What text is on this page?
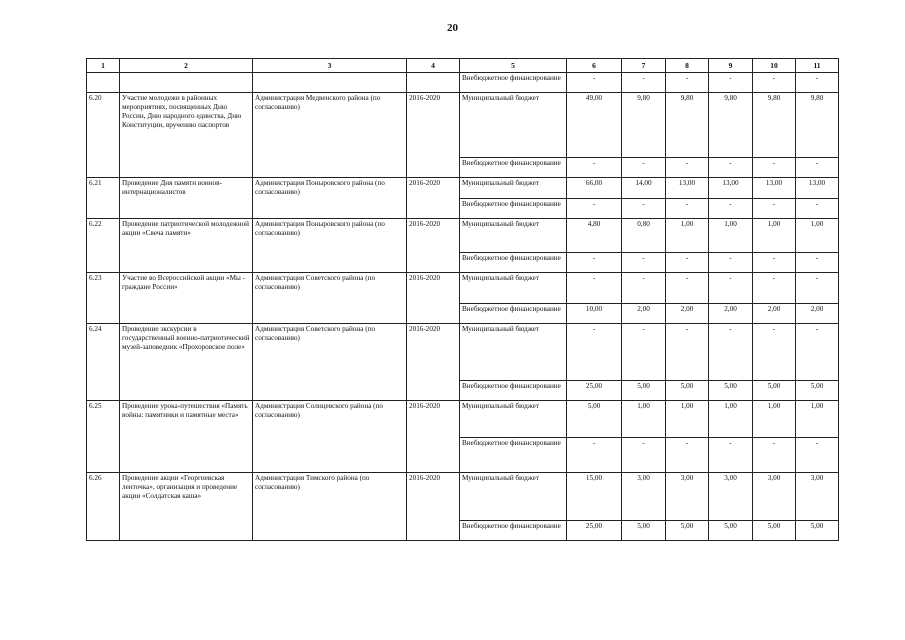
20
1	2	3	4	5	6	7	8	9	10	11
				Внебюджетное финансирование	-	-	-	-	-	-
6.20	Участие молодежи в районных мероприятиях, посвященных Дню России, Дню народного единства, Дню Конституции, вручению паспортов	Администрация Медвенского района (по согласованию)	2016-2020	Муниципальный бюджет	49,00	9,80	9,80	9,80	9,80	9,80
				Внебюджетное финансирование	-	-	-	-	-	-
6.21	Проведение Дня памяти воинов-интернационалистов	Администрация Поныровского района (по согласованию)	2016-2020	Муниципальный бюджет	66,00	14,00	13,00	13,00	13,00	13,00
				Внебюджетное финансирование	-	-	-	-	-	-
6.22	Проведение патриотической молодежной акции «Свеча памяти»	Администрация Поныровского района (по согласованию)	2016-2020	Муниципальный бюджет	4,80	0,80	1,00	1,00	1,00	1,00
				Внебюджетное финансирование	-	-	-	-	-	-
6.23	Участие во Всероссийской акции «Мы - граждане России»	Администрация Советского района (по согласованию)	2016-2020	Муниципальный бюджет	-	-	-	-	-	-
				Внебюджетное финансирование	10,00	2,00	2,00	2,00	2,00	2,00
6.24	Проведение экскурсии в государственный военно-патриотический музей-заповедник «Прохоровское поле»	Администрация Советского района (по согласованию)	2016-2020	Муниципальный бюджет	-	-	-	-	-	-
				Внебюджетное финансирование	25,00	5,00	5,00	5,00	5,00	5,00
6.25	Проведение урока-путешествия «Память войны: памятники и памятные места»	Администрация Солнцевского района (по согласованию)	2016-2020	Муниципальный бюджет	5,00	1,00	1,00	1,00	1,00	1,00
				Внебюджетное финансирование	-	-	-	-	-	-
6.26	Проведение акции «Георгиевская ленточка», организация и проведение акции «Солдатская каша»	Администрация Тимского района (по согласованию)	2016-2020	Муниципальный бюджет	15,00	3,00	3,00	3,00	3,00	3,00
				Внебюджетное финансирование	25,00	5,00	5,00	5,00	5,00	5,00
